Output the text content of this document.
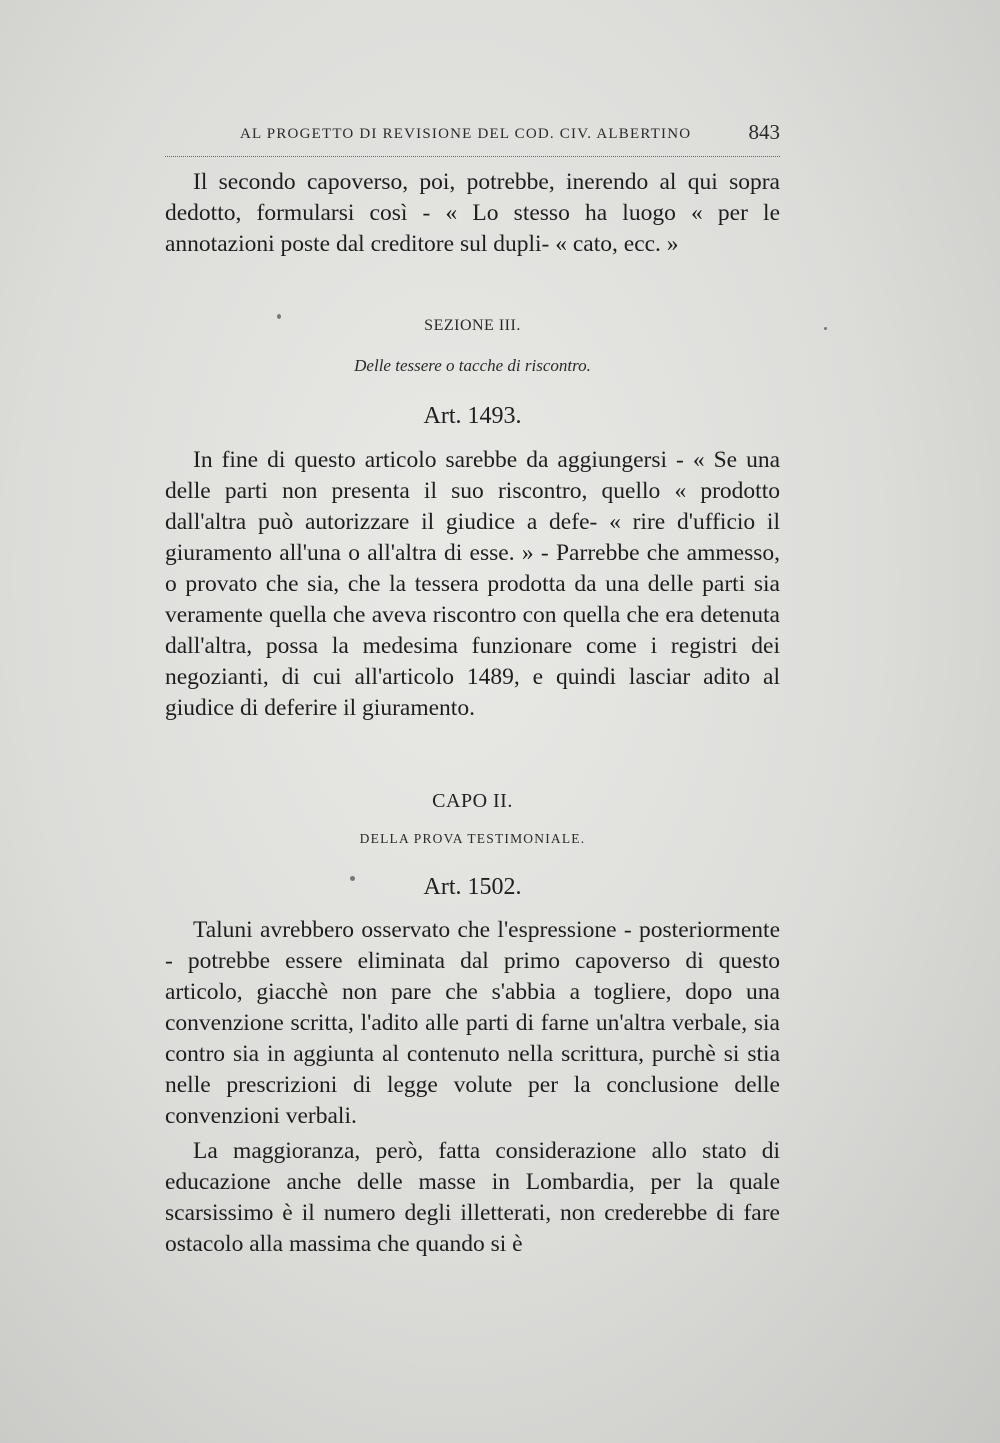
AL PROGETTO DI REVISIONE DEL COD. CIV. ALBERTINO	843

Il secondo capoverso, poi, potrebbe, inerendo al qui sopra dedotto, formularsi così - « Lo stesso ha luogo « per le annotazioni poste dal creditore sul dupli- « cato, ecc. »

SEZIONE III.
Delle tessere o tacche di riscontro.
Art. 1493.

In fine di questo articolo sarebbe da aggiungersi - « Se una delle parti non presenta il suo riscontro, quello « prodotto dall'altra può autorizzare il giudice a defe- « rire d'ufficio il giuramento all'una o all'altra di esse. » - Parrebbe che ammesso, o provato che sia, che la tessera prodotta da una delle parti sia veramente quella che aveva riscontro con quella che era detenuta dall'altra, possa la medesima funzionare come i registri dei negozianti, di cui all'articolo 1489, e quindi lasciar adito al giudice di deferire il giuramento.

CAPO II.
DELLA PROVA TESTIMONIALE.
Art. 1502.

Taluni avrebbero osservato che l'espressione - posteriormente - potrebbe essere eliminata dal primo capoverso di questo articolo, giacchè non pare che s'abbia a togliere, dopo una convenzione scritta, l'adito alle parti di farne un'altra verbale, sia contro sia in aggiunta al contenuto nella scrittura, purchè si stia nelle prescrizioni di legge volute per la conclusione delle convenzioni verbali.

La maggioranza, però, fatta considerazione allo stato di educazione anche delle masse in Lombardia, per la quale scarsissimo è il numero degli illetterati, non crederebbe di fare ostacolo alla massima che quando si è
